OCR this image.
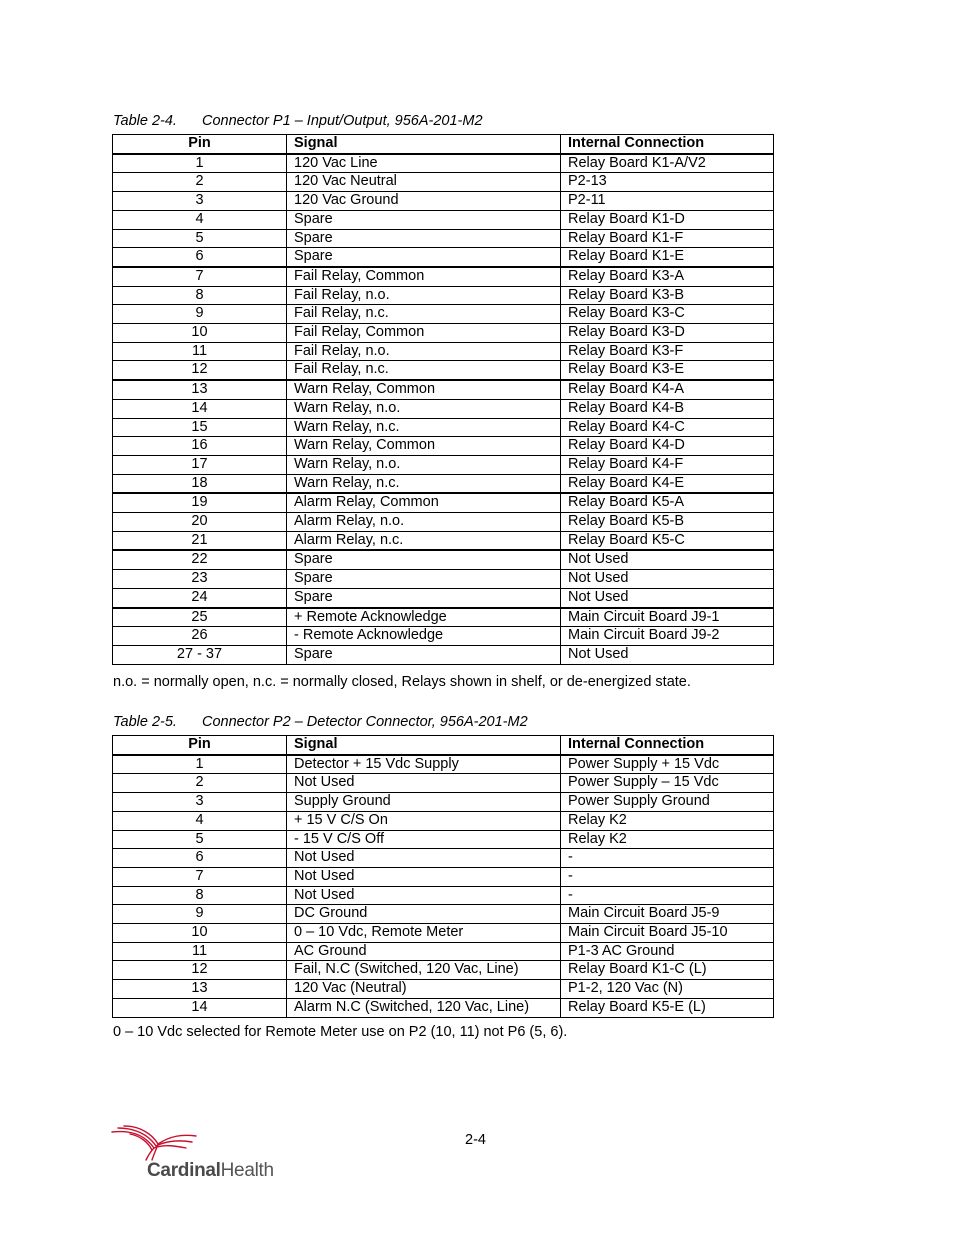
Table 2-4. Connector P1 – Input/Output, 956A-201-M2
Pin	Signal	Internal Connection
1	120 Vac Line	Relay Board K1-A/V2
2	120 Vac Neutral	P2-13
3	120 Vac Ground	P2-11
4	Spare	Relay Board K1-D
5	Spare	Relay Board K1-F
6	Spare	Relay Board K1-E
7	Fail Relay, Common	Relay Board K3-A
8	Fail Relay, n.o.	Relay Board K3-B
9	Fail Relay, n.c.	Relay Board K3-C
10	Fail Relay, Common	Relay Board K3-D
11	Fail Relay, n.o.	Relay Board K3-F
12	Fail Relay, n.c.	Relay Board K3-E
13	Warn Relay, Common	Relay Board K4-A
14	Warn Relay, n.o.	Relay Board K4-B
15	Warn Relay, n.c.	Relay Board K4-C
16	Warn Relay, Common	Relay Board K4-D
17	Warn Relay, n.o.	Relay Board K4-F
18	Warn Relay, n.c.	Relay Board K4-E
19	Alarm Relay, Common	Relay Board K5-A
20	Alarm Relay, n.o.	Relay Board K5-B
21	Alarm Relay, n.c.	Relay Board K5-C
22	Spare	Not Used
23	Spare	Not Used
24	Spare	Not Used
25	+ Remote Acknowledge	Main Circuit Board J9-1
26	- Remote Acknowledge	Main Circuit Board J9-2
27 - 37	Spare	Not Used
n.o. = normally open, n.c. = normally closed, Relays shown in shelf, or de-energized state.
Table 2-5. Connector P2 – Detector Connector, 956A-201-M2
Pin	Signal	Internal Connection
1	Detector + 15 Vdc Supply	Power Supply + 15 Vdc
2	Not Used	Power Supply – 15 Vdc
3	Supply Ground	Power Supply Ground
4	+ 15 V C/S On	Relay K2
5	- 15 V C/S Off	Relay K2
6	Not Used	-
7	Not Used	-
8	Not Used	-
9	DC Ground	Main Circuit Board J5-9
10	0 – 10 Vdc, Remote Meter	Main Circuit Board J5-10
11	AC Ground	P1-3 AC Ground
12	Fail, N.C (Switched, 120 Vac, Line)	Relay Board K1-C (L)
13	120 Vac (Neutral)	P1-2, 120 Vac (N)
14	Alarm N.C (Switched, 120 Vac, Line)	Relay Board K5-E (L)
0 – 10 Vdc selected for Remote Meter use on P2 (10, 11) not P6 (5, 6).
2-4
CardinalHealth
